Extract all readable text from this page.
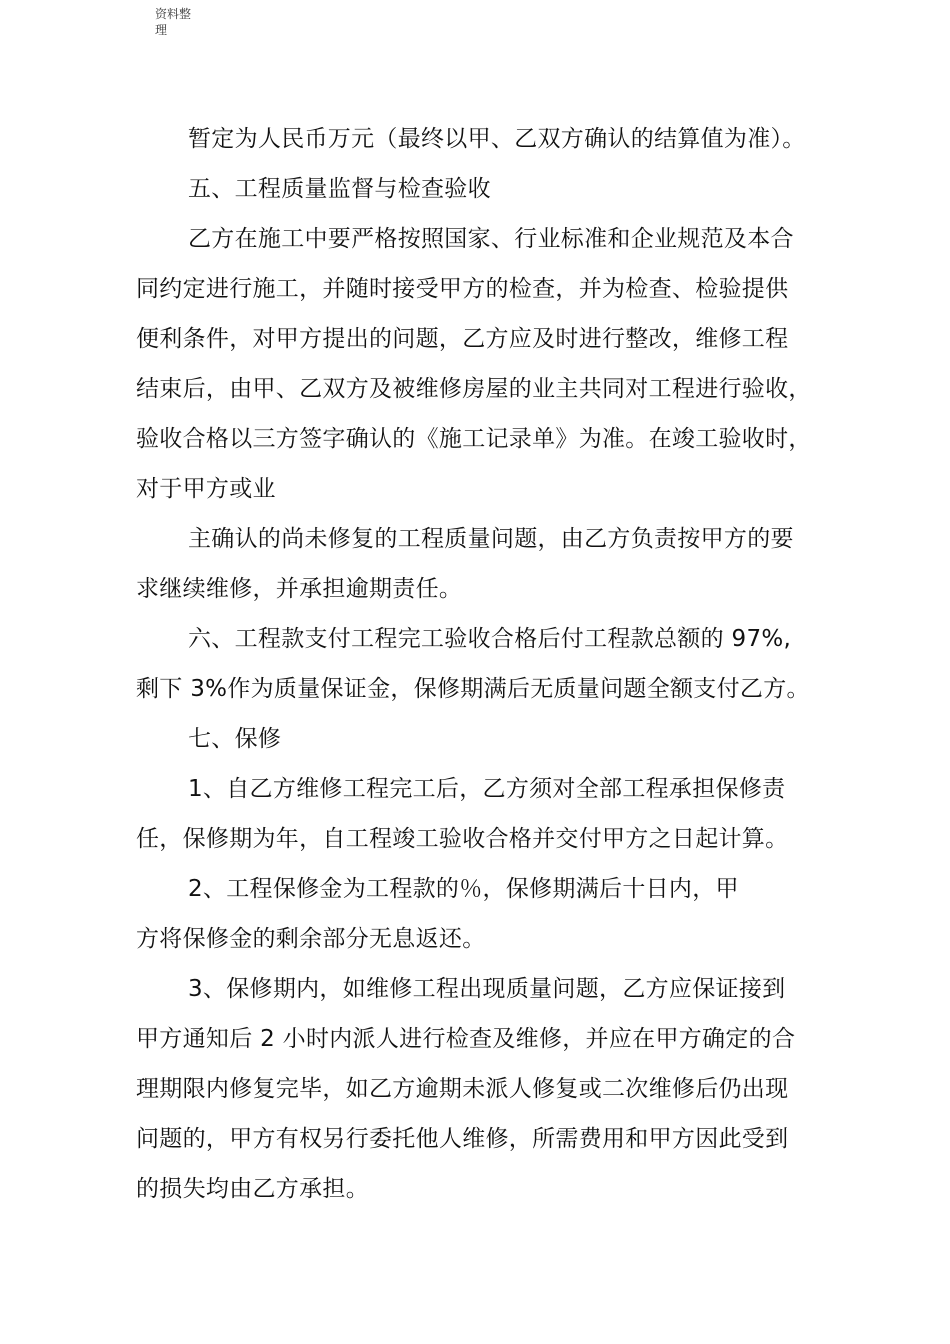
资料整
理
暂定为人民币万元（最终以甲、乙双方确认的结算值为准）。
五、工程质量监督与检查验收
乙方在施工中要严格按照国家、行业标准和企业规范及本合
同约定进行施工，并随时接受甲方的检查，并为检查、检验提供
便利条件，对甲方提出的问题，乙方应及时进行整改，维修工程
结束后，由甲、乙双方及被维修房屋的业主共同对工程进行验收，
验收合格以三方签字确认的《施工记录单》为准。在竣工验收时，
对于甲方或业
主确认的尚未修复的工程质量问题，由乙方负责按甲方的要
求继续维修，并承担逾期责任。
六、工程款支付工程完工验收合格后付工程款总额的 97%,
剩下 3%作为质量保证金，保修期满后无质量问题全额支付乙方。
七、保修
1、自乙方维修工程完工后，乙方须对全部工程承担保修责
任，保修期为年，自工程竣工验收合格并交付甲方之日起计算。
2、工程保修金为工程款的％，保修期满后十日内，甲
方将保修金的剩余部分无息返还。
3、保修期内，如维修工程出现质量问题，乙方应保证接到
甲方通知后 2 小时内派人进行检查及维修，并应在甲方确定的合
理期限内修复完毕，如乙方逾期未派人修复或二次维修后仍出现
问题的，甲方有权另行委托他人维修，所需费用和甲方因此受到
的损失均由乙方承担。
